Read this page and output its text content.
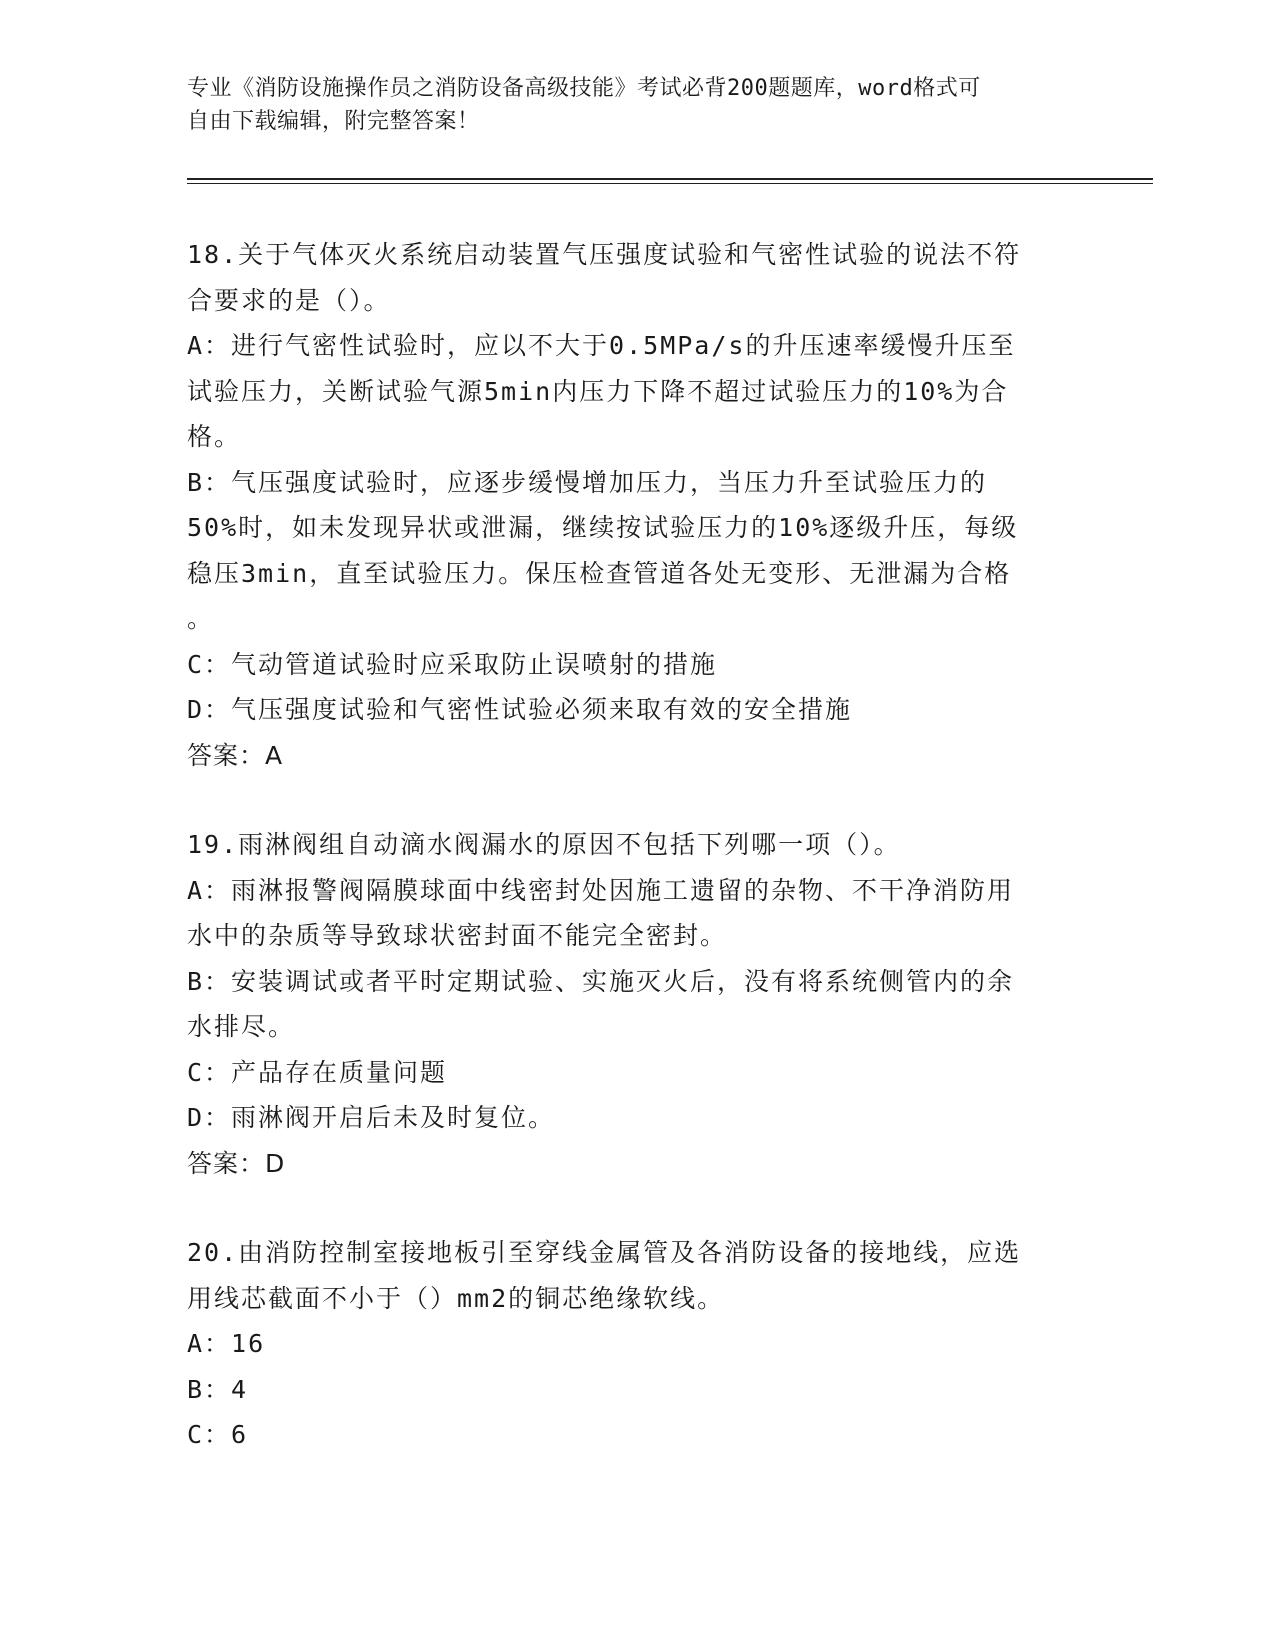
专业《消防设施操作员之消防设备高级技能》考试必背200题题库，word格式可
自由下载编辑，附完整答案！
18.关于气体灭火系统启动装置气压强度试验和气密性试验的说法不符
合要求的是（）。
A：进行气密性试验时，应以不大于0.5MPa/s的升压速率缓慢升压至
试验压力，关断试验气源5min内压力下降不超过试验压力的10%为合
格。
B：气压强度试验时，应逐步缓慢增加压力，当压力升至试验压力的
50%时，如未发现异状或泄漏，继续按试验压力的10%逐级升压，每级
稳压3min，直至试验压力。保压检查管道各处无变形、无泄漏为合格
。
C：气动管道试验时应采取防止误喷射的措施
D：气压强度试验和气密性试验必须来取有效的安全措施
答案：A
19.雨淋阀组自动滴水阀漏水的原因不包括下列哪一项（）。
A：雨淋报警阀隔膜球面中线密封处因施工遗留的杂物、不干净消防用
水中的杂质等导致球状密封面不能完全密封。
B：安装调试或者平时定期试验、实施灭火后，没有将系统侧管内的余
水排尽。
C：产品存在质量问题
D：雨淋阀开启后未及时复位。
答案：D
20.由消防控制室接地板引至穿线金属管及各消防设备的接地线，应选
用线芯截面不小于（）mm2的铜芯绝缘软线。
A：16
B：4
C：6
